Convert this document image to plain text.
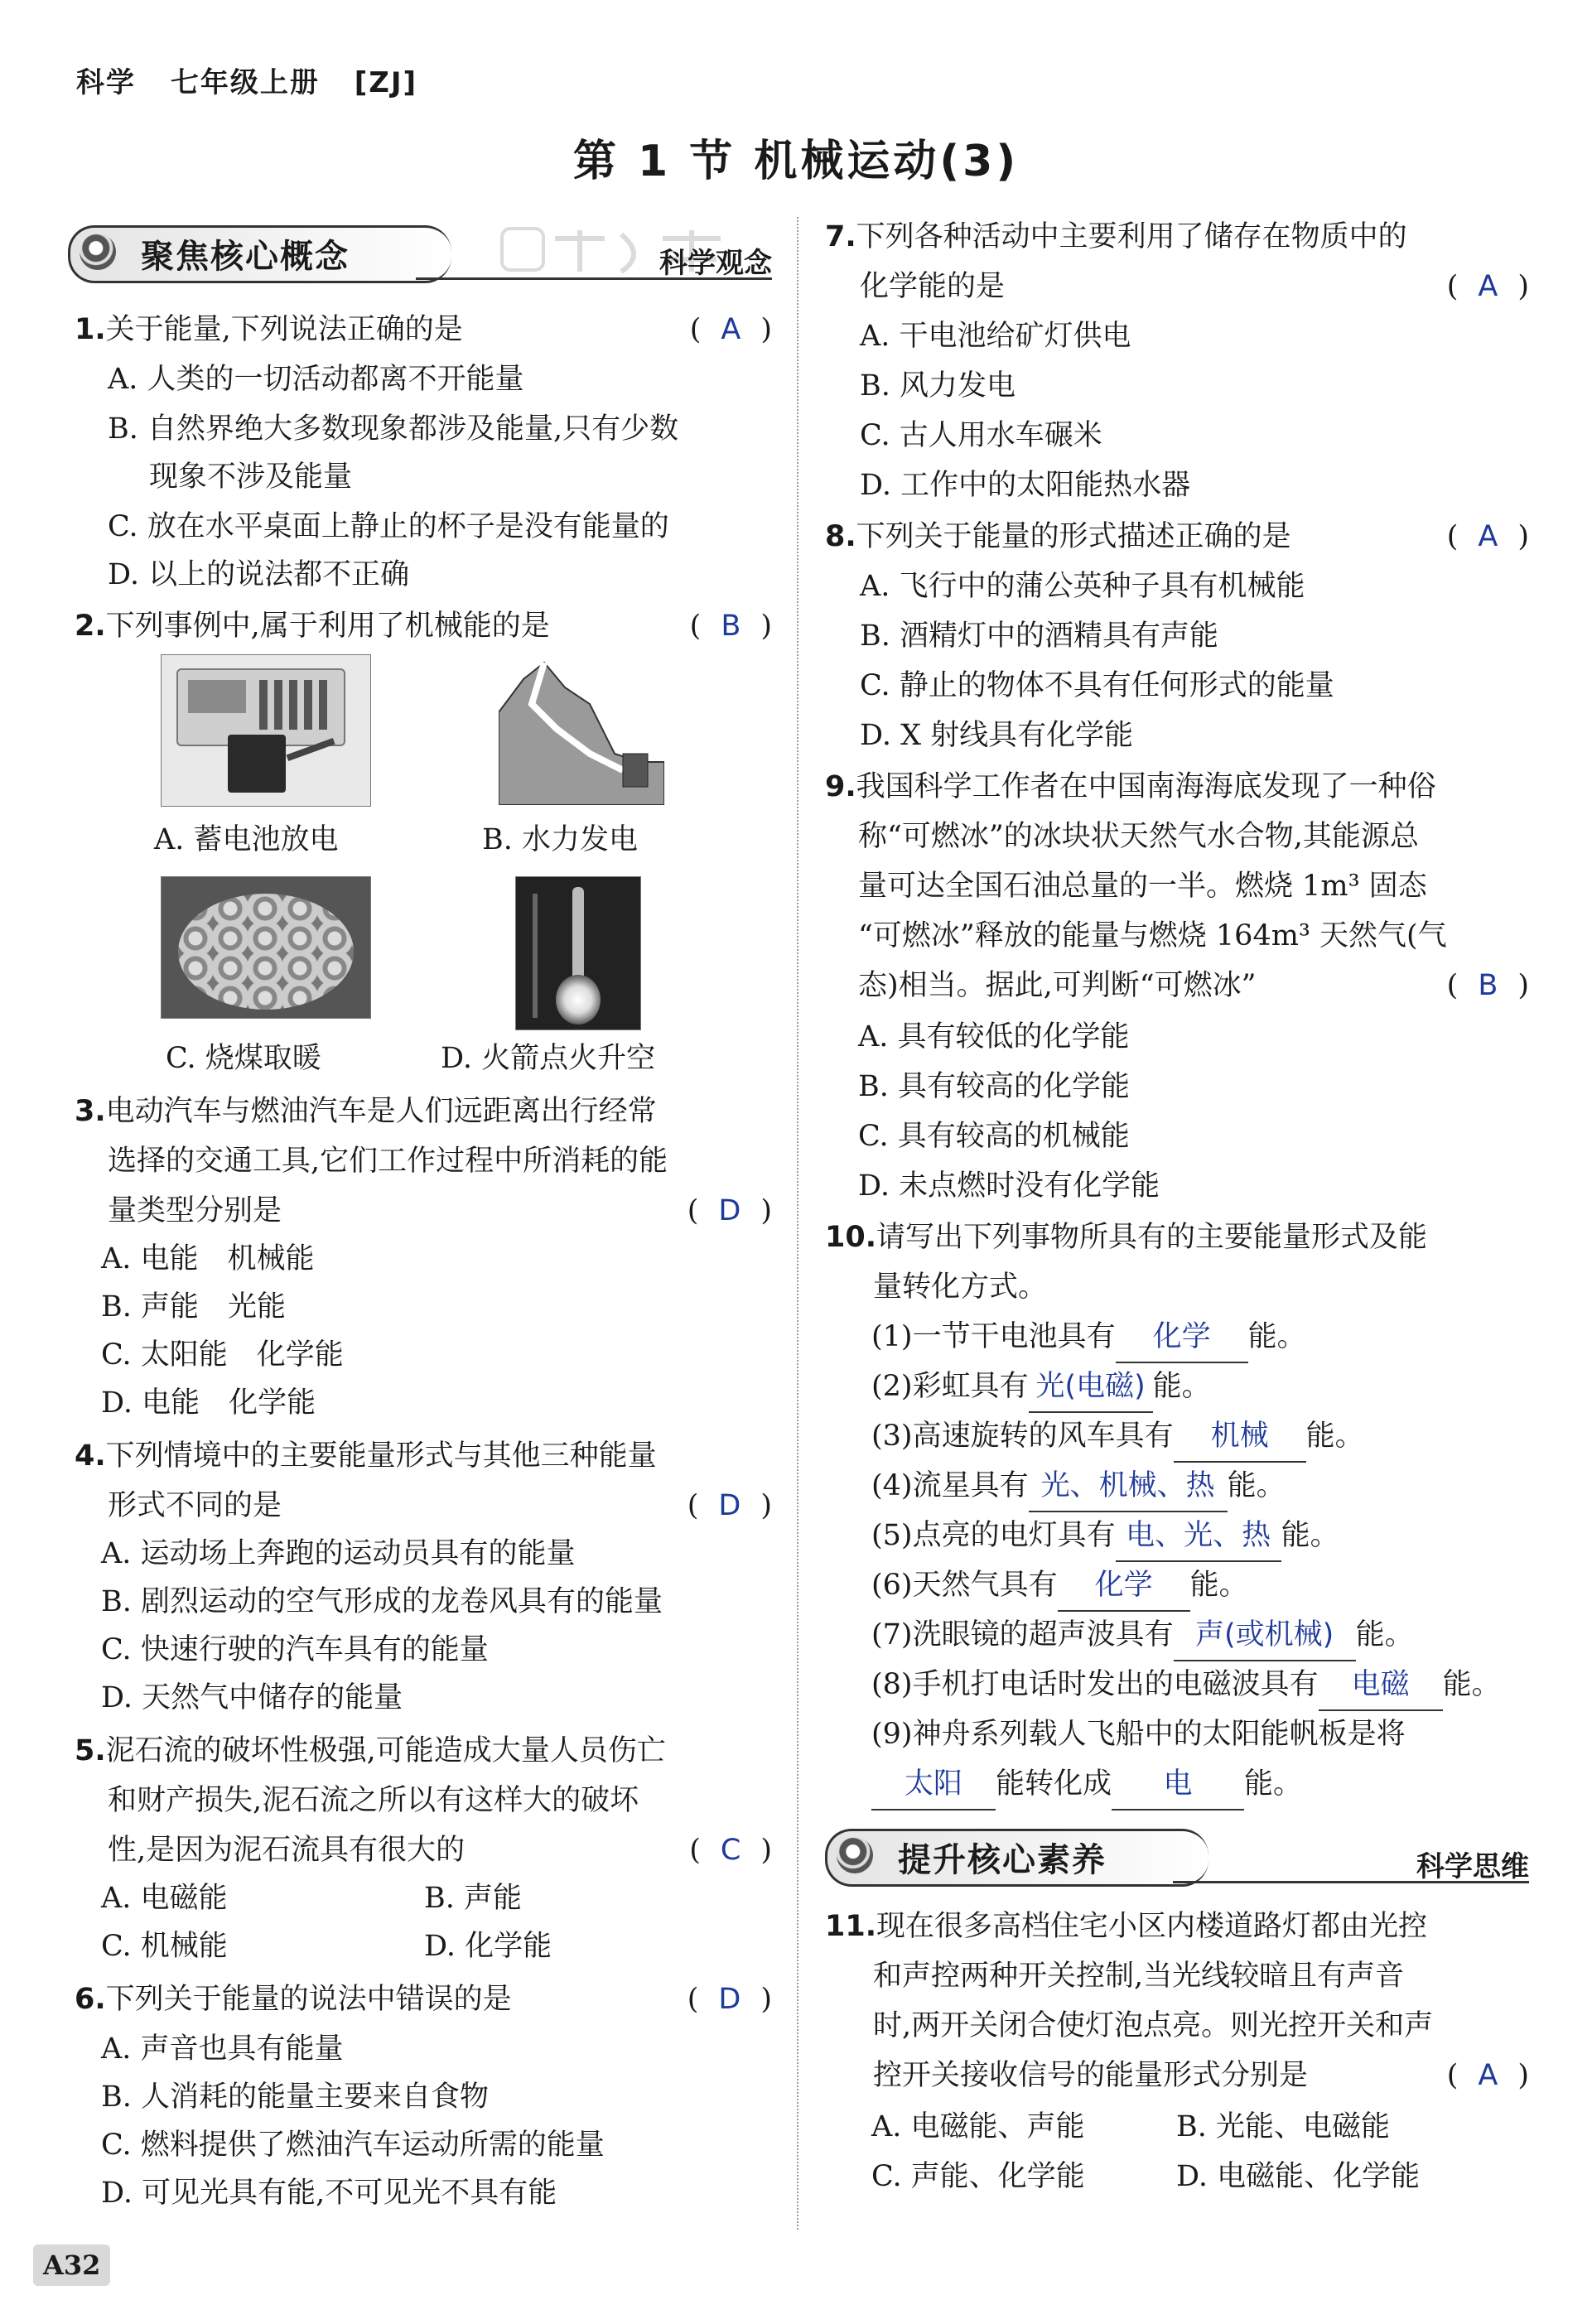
科学 七年级上册 [ZJ]
第 1 节 机械运动(3)
聚焦核心概念	科学观念
1.关于能量,下列说法正确的是	( A )
A. 人类的一切活动都离不开能量
B. 自然界绝大多数现象都涉及能量,只有少数
现象不涉及能量
C. 放在水平桌面上静止的杯子是没有能量的
D. 以上的说法都不正确
2.下列事例中,属于利用了机械能的是	( B )
A. 蓄电池放电	B. 水力发电
C. 烧煤取暖	D. 火箭点火升空
3.电动汽车与燃油汽车是人们远距离出行经常
选择的交通工具,它们工作过程中所消耗的能
量类型分别是	( D )
A. 电能　机械能
B. 声能　光能
C. 太阳能　化学能
D. 电能　化学能
4.下列情境中的主要能量形式与其他三种能量
形式不同的是	( D )
A. 运动场上奔跑的运动员具有的能量
B. 剧烈运动的空气形成的龙卷风具有的能量
C. 快速行驶的汽车具有的能量
D. 天然气中储存的能量
5.泥石流的破坏性极强,可能造成大量人员伤亡
和财产损失,泥石流之所以有这样大的破坏
性,是因为泥石流具有很大的	( C )
A. 电磁能	B. 声能
C. 机械能	D. 化学能
6.下列关于能量的说法中错误的是	( D )
A. 声音也具有能量
B. 人消耗的能量主要来自食物
C. 燃料提供了燃油汽车运动所需的能量
D. 可见光具有能,不可见光不具有能
7.下列各种活动中主要利用了储存在物质中的
化学能的是	( A )
A. 干电池给矿灯供电
B. 风力发电
C. 古人用水车碾米
D. 工作中的太阳能热水器
8.下列关于能量的形式描述正确的是	( A )
A. 飞行中的蒲公英种子具有机械能
B. 酒精灯中的酒精具有声能
C. 静止的物体不具有任何形式的能量
D. X 射线具有化学能
9.我国科学工作者在中国南海海底发现了一种俗
称“可燃冰”的冰块状天然气水合物,其能源总
量可达全国石油总量的一半。燃烧 1m³ 固态
“可燃冰”释放的能量与燃烧 164m³ 天然气(气
态)相当。据此,可判断“可燃冰”	( B )
A. 具有较低的化学能
B. 具有较高的化学能
C. 具有较高的机械能
D. 未点燃时没有化学能
10.请写出下列事物所具有的主要能量形式及能
量转化方式。
(1)一节干电池具有 化学 能。
(2)彩虹具有 光(电磁) 能。
(3)高速旋转的风车具有 机械 能。
(4)流星具有 光、机械、热 能。
(5)点亮的电灯具有 电、光、热 能。
(6)天然气具有 化学 能。
(7)洗眼镜的超声波具有 声(或机械) 能。
(8)手机打电话时发出的电磁波具有 电磁 能。
(9)神舟系列载人飞船中的太阳能帆板是将
太阳 能转化成 电 能。
提升核心素养	科学思维
11.现在很多高档住宅小区内楼道路灯都由光控
和声控两种开关控制,当光线较暗且有声音
时,两开关闭合使灯泡点亮。则光控开关和声
控开关接收信号的能量形式分别是	( A )
A. 电磁能、声能	B. 光能、电磁能
C. 声能、化学能	D. 电磁能、化学能
A32
